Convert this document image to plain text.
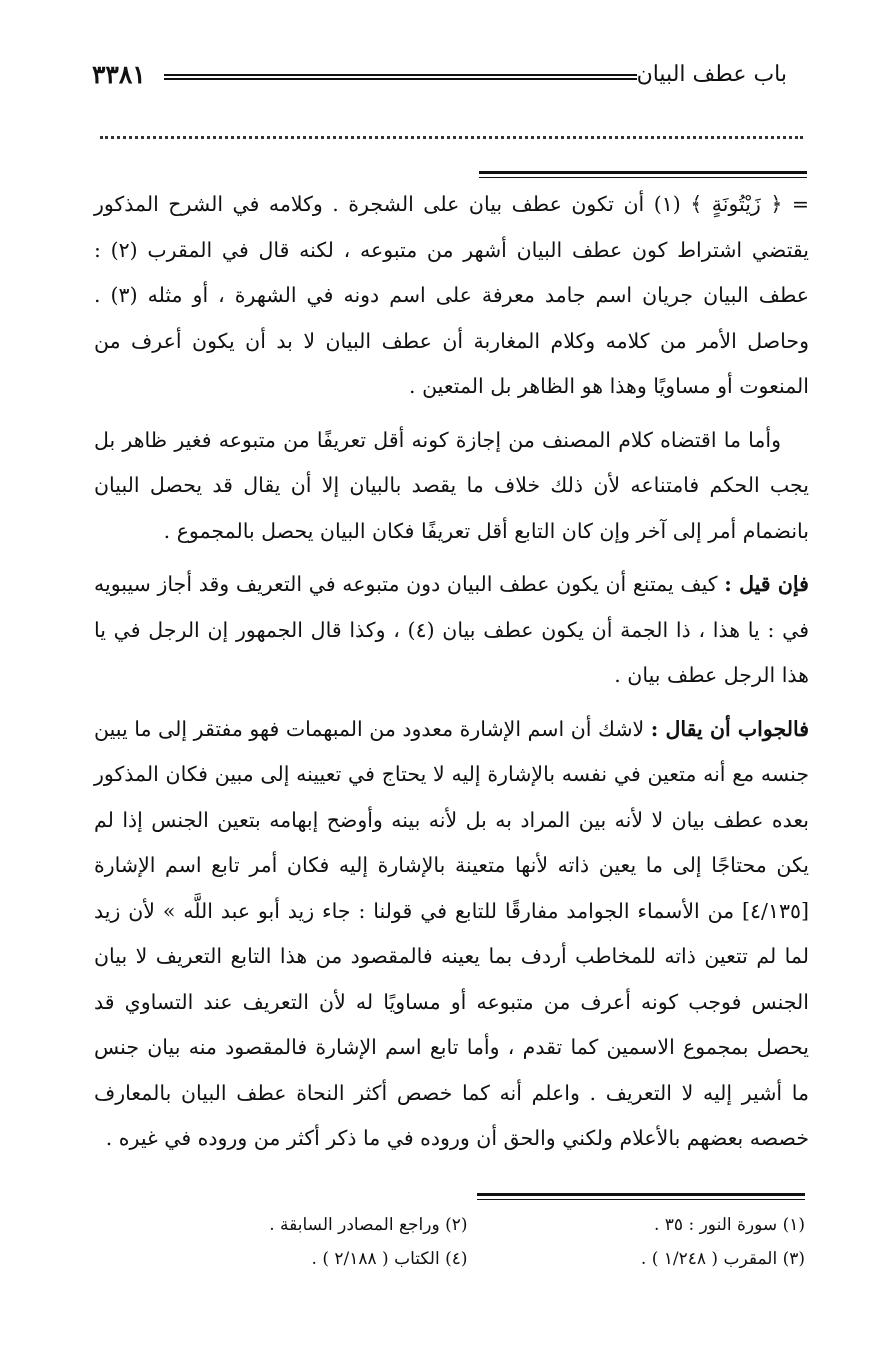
باب عطف البيان
٣٣٨١

= ﴿ زَيْتُونَةٍ ﴾ (١) أن تكون عطف بيان على الشجرة . وكلامه في الشرح المذكور يقتضي اشتراط كون عطف البيان أشهر من متبوعه ، لكنه قال في المقرب (٢) : عطف البيان جريان اسم جامد معرفة على اسم دونه في الشهرة ، أو مثله (٣) . وحاصل الأمر من كلامه وكلام المغاربة أن عطف البيان لا بد أن يكون أعرف من المنعوت أو مساويًا وهذا هو الظاهر بل المتعين .

وأما ما اقتضاه كلام المصنف من إجازة كونه أقل تعريفًا من متبوعه فغير ظاهر بل يجب الحكم فامتناعه لأن ذلك خلاف ما يقصد بالبيان إلا أن يقال قد يحصل البيان بانضمام أمر إلى آخر وإن كان التابع أقل تعريفًا فكان البيان يحصل بالمجموع .

فإن قيل : كيف يمتنع أن يكون عطف البيان دون متبوعه في التعريف وقد أجاز سيبويه في : يا هذا ، ذا الجمة أن يكون عطف بيان (٤) ، وكذا قال الجمهور إن الرجل في يا هذا الرجل عطف بيان .

فالجواب أن يقال : لاشك أن اسم الإشارة معدود من المبهمات فهو مفتقر إلى ما يبين جنسه مع أنه متعين في نفسه بالإشارة إليه لا يحتاج في تعيينه إلى مبين فكان المذكور بعده عطف بيان لا لأنه بين المراد به بل لأنه بينه وأوضح إبهامه بتعين الجنس إذا لم يكن محتاجًا إلى ما يعين ذاته لأنها متعينة بالإشارة إليه فكان أمر تابع اسم الإشارة [٤/١٣٥] من الأسماء الجوامد مفارقًا للتابع في قولنا : جاء زيد أبو عبد اللَّه » لأن زيد لما لم تتعين ذاته للمخاطب أردف بما يعينه فالمقصود من هذا التابع التعريف لا بيان الجنس فوجب كونه أعرف من متبوعه أو مساويًا له لأن التعريف عند التساوي قد يحصل بمجموع الاسمين كما تقدم ، وأما تابع اسم الإشارة فالمقصود منه بيان جنس ما أشير إليه لا التعريف . واعلم أنه كما خصص أكثر النحاة عطف البيان بالمعارف خصصه بعضهم بالأعلام ولكني والحق أن وروده في ما ذكر أكثر من وروده في غيره .

(١) سورة النور : ٣٥ .
(٢) وراجع المصادر السابقة .
(٣) المقرب ( ١/٢٤٨ ) .
(٤) الكتاب ( ٢/١٨٨ ) .
